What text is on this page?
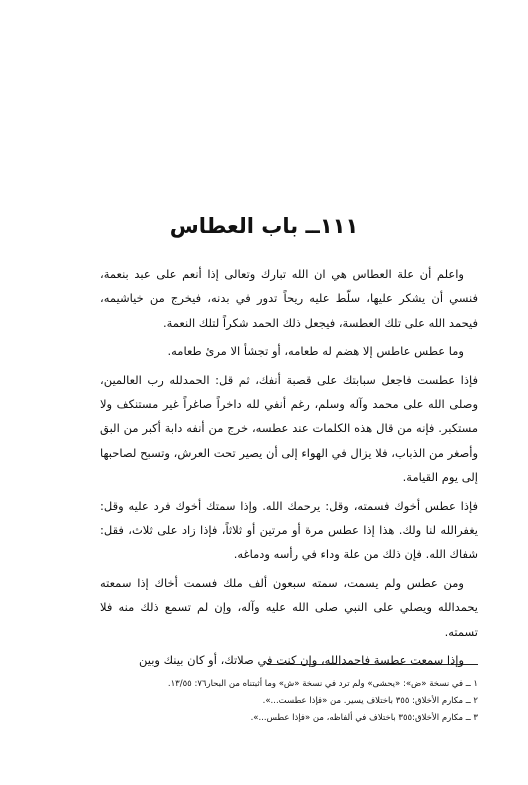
١١١ــ باب العطاس

واعلم أن علة العطاس هي ان الله تبارك وتعالى إذا أنعم على عبد بنعمة، فنسي أن يشكر عليها، سلّط عليه ريحاً تدور في بدنه، فيخرج من خياشيمه، فيحمد الله على تلك العطسة، فيجعل ذلك الحمد شكراً لتلك النعمة.

وما عطس عاطس إلا هضم له طعامه، أو تجشأ الا مرئ طعامه.

فإذا عطست فاجعل سبابتك على قصبة أنفك، ثم قل: الحمدلله رب العالمين، وصلى الله على محمد وآله وسلم، رغم أنفي لله داخراً صاغراً غير مستنكف ولا مستكبر. فإنه من قال هذه الكلمات عند عطسه، خرج من أنفه دابة أكبر من البق وأصغر من الذباب، فلا يزال في الهواء إلى أن يصير تحت العرش، وتسبح لصاحبها إلى يوم القيامة.

فإذا عطس أخوك فسمته، وقل: يرحمك الله. وإذا سمتك أخوك فرد عليه وقل: يغفرالله لنا ولك. هذا إذا عطس مرة أو مرتين أو ثلاثاً، فإذا زاد على ثلاث، فقل: شفاك الله. فإن ذلك من علة وداء في رأسه ودماغه.

ومن عطس ولم يسمت، سمته سبعون ألف ملك فسمت أخاك إذا سمعته يحمدالله ويصلي على النبي صلى الله عليه وآله، وإن لم تسمع ذلك منه فلا تسمته.

وإذا سمعت عطسة فاحمدالله، وإن كنت في صلاتك، أو كان بينك وبين

١ ــ في نسخة «ض»: «يحشى» ولم ترد في نسخة «ش» وما أثبتناه من البحار٧٦: ١٣/٥٥.
٢ ــ مكارم الأخلاق: ٣٥٥ باختلاف يسير. من «فإذا عطست...».
٣ ــ مكارم الأخلاق:٣٥٥ باختلاف في ألفاظه، من «فإذا عطس...».
